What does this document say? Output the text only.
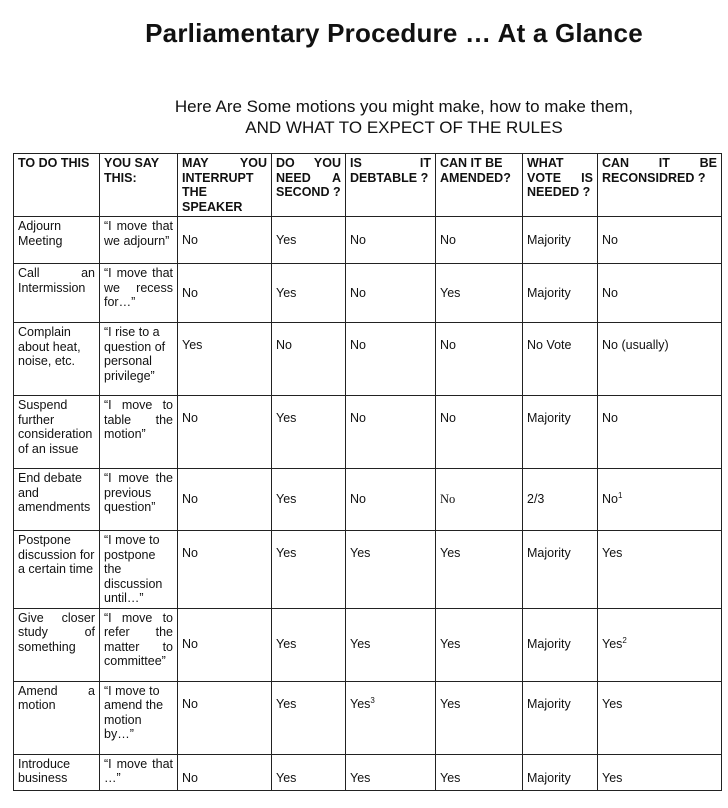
Parliamentary Procedure … At a Glance
Here Are Some motions you might make, how to make them,
AND WHAT TO EXPECT OF THE RULES
TO DO THIS	YOU SAY THIS:	MAY YOU INTERRUPT THE SPEAKER	DO YOU NEED A SECOND ?	IS IT DEBTABLE ?	CAN IT BE AMENDED?	WHAT VOTE IS NEEDED ?	CAN IT BE RECONSIDRED ?
Adjourn Meeting	“I move that we adjourn”	No	Yes	No	No	Majority	No
Call an Intermission	“I move that we recess for…”	No	Yes	No	Yes	Majority	No
Complain about heat, noise, etc.	“I rise to a question of personal privilege”	Yes	No	No	No	No Vote	No (usually)
Suspend further consideration of an issue	“I move to table the motion”	No	Yes	No	No	Majority	No
End debate and amendments	“I move the previous question”	No	Yes	No	No	2/3	No$^1$
Postpone discussion for a certain time	“I move to postpone the discussion until…”	No	Yes	Yes	Yes	Majority	Yes
Give closer study of something	“I move to refer the matter to committee”	No	Yes	Yes	Yes	Majority	Yes$^2$
Amend a motion	“I move to amend the motion by…”	No	Yes	Yes$^3$	Yes	Majority	Yes
Introduce business	“I move that …”	No	Yes	Yes	Yes	Majority	Yes
